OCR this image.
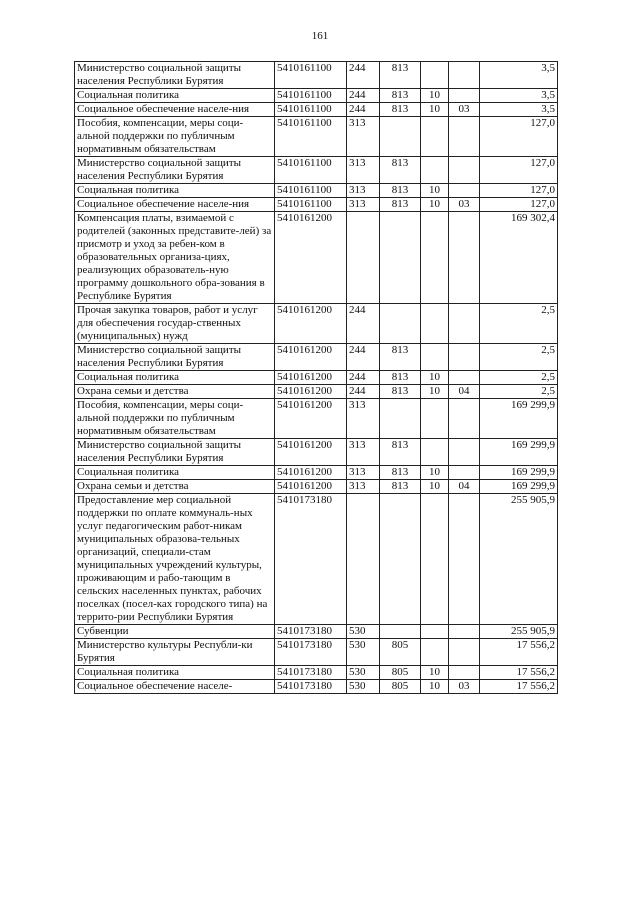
161
Министерство социальной защиты населения Республики Бурятия	5410161100	244	813			3,5
Социальная политика	5410161100	244	813	10		3,5
Социальное обеспечение населе-ния	5410161100	244	813	10	03	3,5
Пособия, компенсации, меры соци-альной поддержки по публичным нормативным обязательствам	5410161100	313				127,0
Министерство социальной защиты населения Республики Бурятия	5410161100	313	813			127,0
Социальная политика	5410161100	313	813	10		127,0
Социальное обеспечение населе-ния	5410161100	313	813	10	03	127,0
Компенсация платы, взимаемой с родителей (законных представите-лей) за присмотр и уход за ребен-ком в образовательных организа-циях, реализующих образователь-ную программу дошкольного обра-зования в Республике Бурятия	5410161200					169 302,4
Прочая закупка товаров, работ и услуг для обеспечения государ-ственных (муниципальных) нужд	5410161200	244				2,5
Министерство социальной защиты населения Республики Бурятия	5410161200	244	813			2,5
Социальная политика	5410161200	244	813	10		2,5
Охрана семьи и детства	5410161200	244	813	10	04	2,5
Пособия, компенсации, меры соци-альной поддержки по публичным нормативным обязательствам	5410161200	313				169 299,9
Министерство социальной защиты населения Республики Бурятия	5410161200	313	813			169 299,9
Социальная политика	5410161200	313	813	10		169 299,9
Охрана семьи и детства	5410161200	313	813	10	04	169 299,9
Предоставление мер социальной поддержки по оплате коммуналь-ных услуг педагогическим работ-никам муниципальных образова-тельных организаций, специали-стам муниципальных учреждений культуры, проживающим и рабо-тающим в сельских населенных пунктах, рабочих поселках (посел-ках городского типа) на террито-рии Республики Бурятия	5410173180					255 905,9
Субвенции	5410173180	530				255 905,9
Министерство культуры Республи-ки Бурятия	5410173180	530	805			17 556,2
Социальная политика	5410173180	530	805	10		17 556,2
Социальное обеспечение населе-	5410173180	530	805	10	03	17 556,2
